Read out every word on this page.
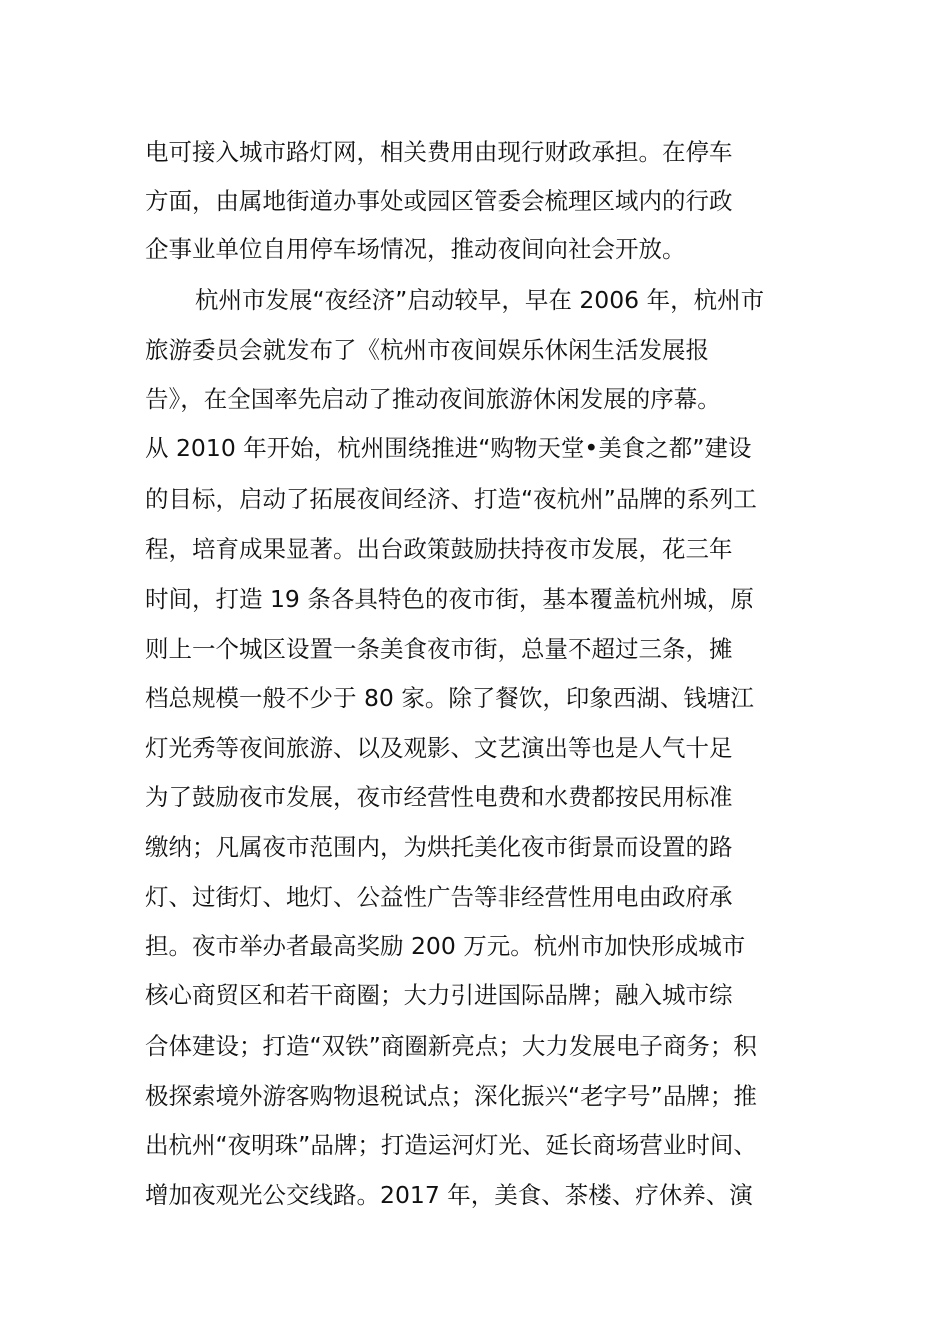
电可接入城市路灯网，相关费用由现行财政承担。在停车

方面，由属地街道办事处或园区管委会梳理区域内的行政

企事业单位自用停车场情况，推动夜间向社会开放。

杭州市发展“夜经济”启动较早，早在 2006 年，杭州市

旅游委员会就发布了《杭州市夜间娱乐休闲生活发展报

告》，在全国率先启动了推动夜间旅游休闲发展的序幕。

从 2010 年开始，杭州围绕推进“购物天堂•美食之都”建设

的目标，启动了拓展夜间经济、打造“夜杭州”品牌的系列工

程，培育成果显著。出台政策鼓励扶持夜市发展，花三年

时间，打造 19 条各具特色的夜市街，基本覆盖杭州城，原

则上一个城区设置一条美食夜市街，总量不超过三条，摊

档总规模一般不少于 80 家。除了餐饮，印象西湖、钱塘江

灯光秀等夜间旅游、以及观影、文艺演出等也是人气十足

为了鼓励夜市发展，夜市经营性电费和水费都按民用标准

缴纳；凡属夜市范围内，为烘托美化夜市街景而设置的路

灯、过街灯、地灯、公益性广告等非经营性用电由政府承

担。夜市举办者最高奖励 200 万元。杭州市加快形成城市

核心商贸区和若干商圈；大力引进国际品牌；融入城市综

合体建设；打造“双铁”商圈新亮点；大力发展电子商务；积

极探索境外游客购物退税试点；深化振兴“老字号”品牌；推

出杭州“夜明珠”品牌；打造运河灯光、延长商场营业时间、

增加夜观光公交线路。2017 年，美食、茶楼、疗休养、演
